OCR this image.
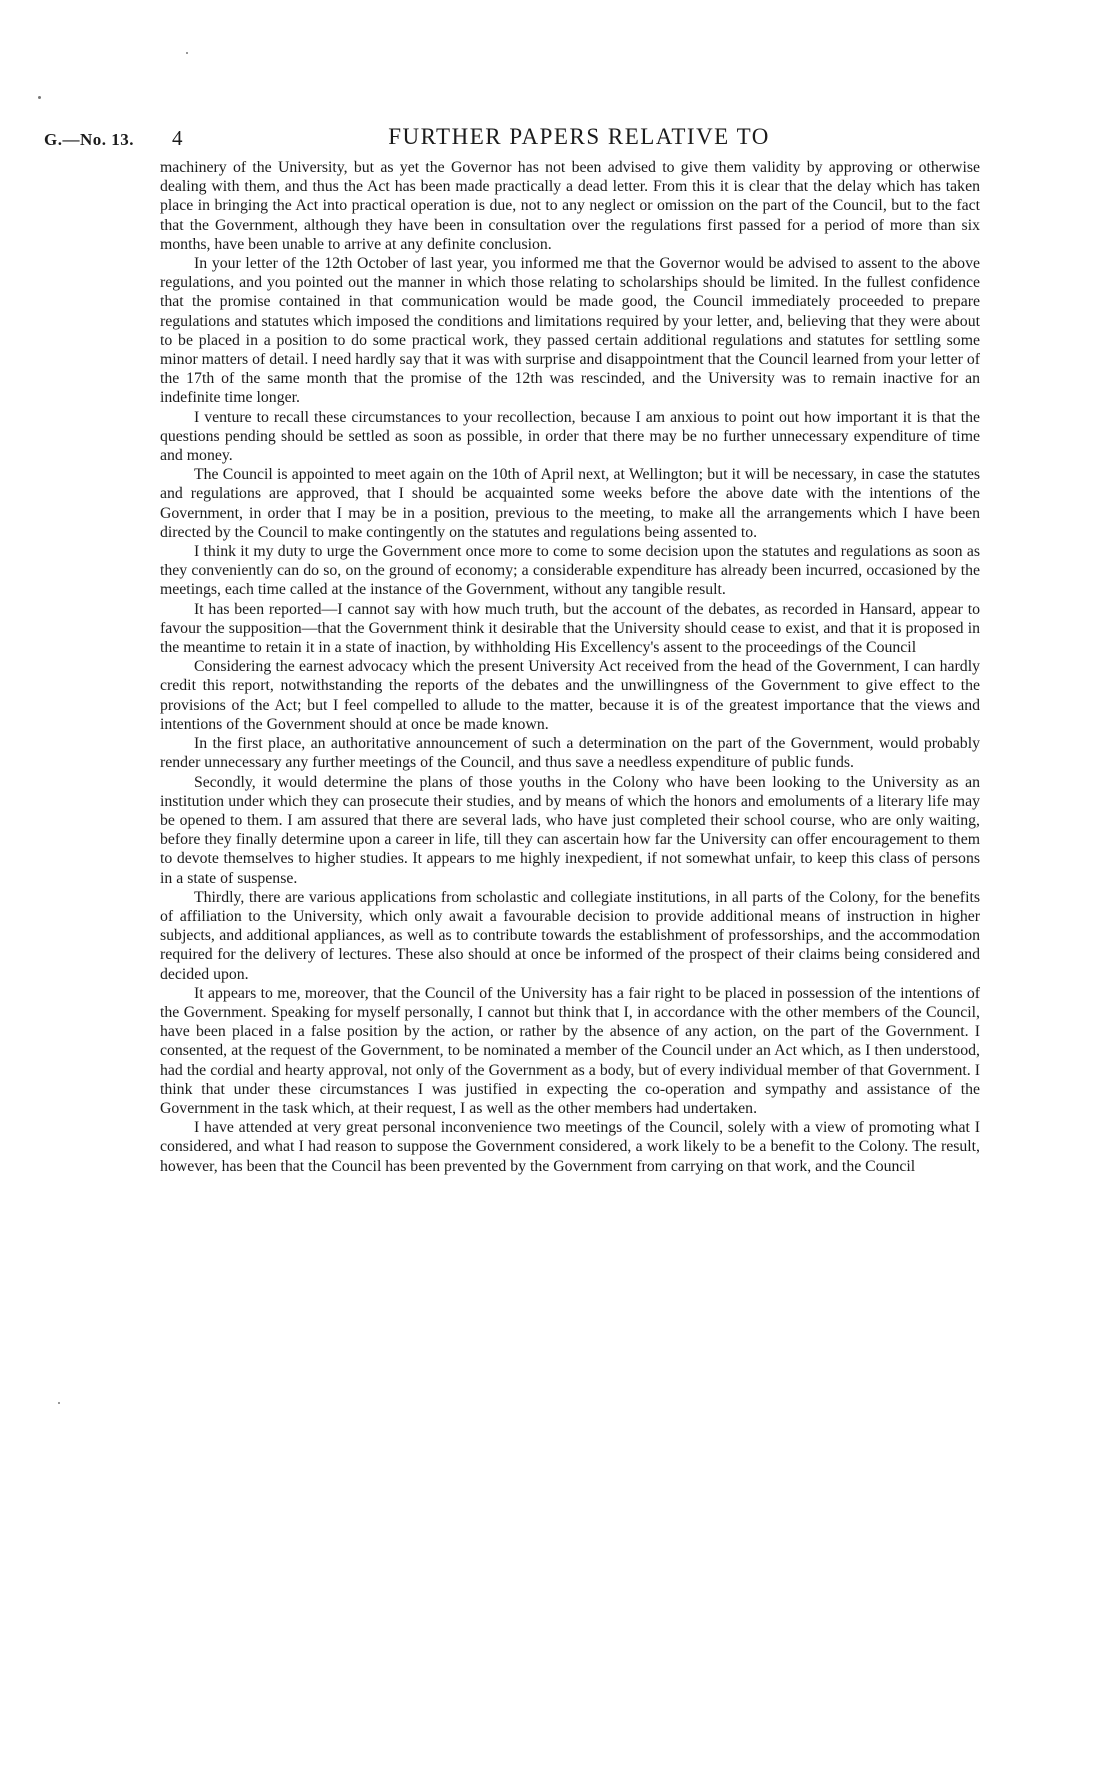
G.—No. 13. 4	FURTHER PAPERS RELATIVE TO

machinery of the University, but as yet the Governor has not been advised to give them validity by approving or otherwise dealing with them, and thus the Act has been made practically a dead letter. From this it is clear that the delay which has taken place in bringing the Act into practical operation is due, not to any neglect or omission on the part of the Council, but to the fact that the Government, although they have been in consultation over the regulations first passed for a period of more than six months, have been unable to arrive at any definite conclusion.

In your letter of the 12th October of last year, you informed me that the Governor would be advised to assent to the above regulations, and you pointed out the manner in which those relating to scholarships should be limited. In the fullest confidence that the promise contained in that communication would be made good, the Council immediately proceeded to prepare regulations and statutes which imposed the conditions and limitations required by your letter, and, believing that they were about to be placed in a position to do some practical work, they passed certain additional regulations and statutes for settling some minor matters of detail. I need hardly say that it was with surprise and disappointment that the Council learned from your letter of the 17th of the same month that the promise of the 12th was rescinded, and the University was to remain inactive for an indefinite time longer.

I venture to recall these circumstances to your recollection, because I am anxious to point out how important it is that the questions pending should be settled as soon as possible, in order that there may be no further unnecessary expenditure of time and money.

The Council is appointed to meet again on the 10th of April next, at Wellington; but it will be necessary, in case the statutes and regulations are approved, that I should be acquainted some weeks before the above date with the intentions of the Government, in order that I may be in a position, previous to the meeting, to make all the arrangements which I have been directed by the Council to make contingently on the statutes and regulations being assented to.

I think it my duty to urge the Government once more to come to some decision upon the statutes and regulations as soon as they conveniently can do so, on the ground of economy; a considerable expenditure has already been incurred, occasioned by the meetings, each time called at the instance of the Government, without any tangible result.

It has been reported—I cannot say with how much truth, but the account of the debates, as recorded in Hansard, appear to favour the supposition—that the Government think it desirable that the University should cease to exist, and that it is proposed in the meantime to retain it in a state of inaction, by withholding His Excellency's assent to the proceedings of the Council

Considering the earnest advocacy which the present University Act received from the head of the Government, I can hardly credit this report, notwithstanding the reports of the debates and the unwillingness of the Government to give effect to the provisions of the Act; but I feel compelled to allude to the matter, because it is of the greatest importance that the views and intentions of the Government should at once be made known.

In the first place, an authoritative announcement of such a determination on the part of the Government, would probably render unnecessary any further meetings of the Council, and thus save a needless expenditure of public funds.

Secondly, it would determine the plans of those youths in the Colony who have been looking to the University as an institution under which they can prosecute their studies, and by means of which the honors and emoluments of a literary life may be opened to them. I am assured that there are several lads, who have just completed their school course, who are only waiting, before they finally determine upon a career in life, till they can ascertain how far the University can offer encouragement to them to devote themselves to higher studies. It appears to me highly inexpedient, if not somewhat unfair, to keep this class of persons in a state of suspense.

Thirdly, there are various applications from scholastic and collegiate institutions, in all parts of the Colony, for the benefits of affiliation to the University, which only await a favourable decision to provide additional means of instruction in higher subjects, and additional appliances, as well as to contribute towards the establishment of professorships, and the accommodation required for the delivery of lectures. These also should at once be informed of the prospect of their claims being considered and decided upon.

It appears to me, moreover, that the Council of the University has a fair right to be placed in possession of the intentions of the Government. Speaking for myself personally, I cannot but think that I, in accordance with the other members of the Council, have been placed in a false position by the action, or rather by the absence of any action, on the part of the Government. I consented, at the request of the Government, to be nominated a member of the Council under an Act which, as I then understood, had the cordial and hearty approval, not only of the Government as a body, but of every individual member of that Government. I think that under these circumstances I was justified in expecting the co-operation and sympathy and assistance of the Government in the task which, at their request, I as well as the other members had undertaken.

I have attended at very great personal inconvenience two meetings of the Council, solely with a view of promoting what I considered, and what I had reason to suppose the Government considered, a work likely to be a benefit to the Colony. The result, however, has been that the Council has been prevented by the Government from carrying on that work, and the Council
